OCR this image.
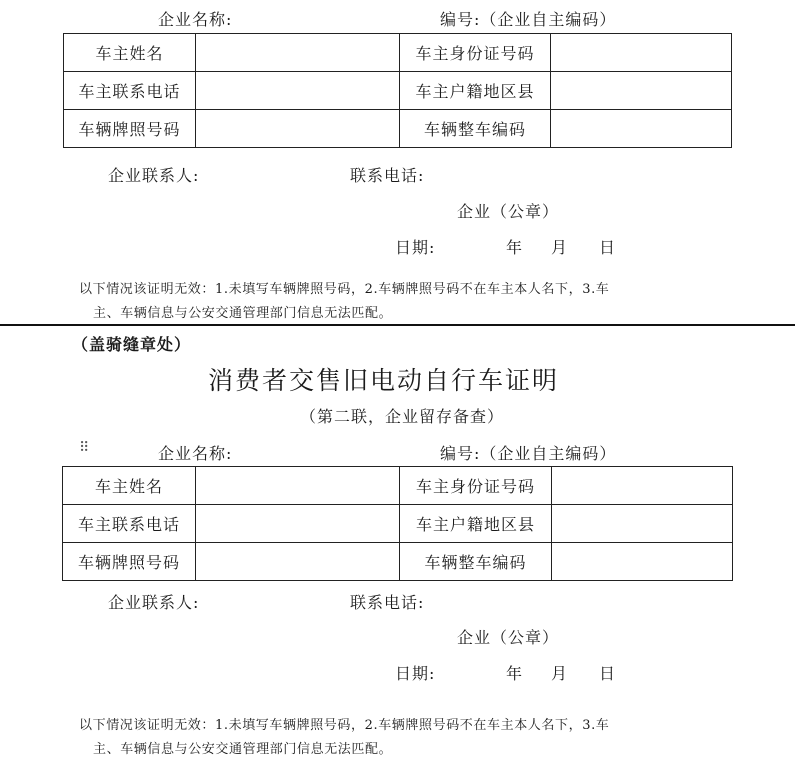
企业名称:	编号:（企业自主编码）
车主姓名		车主身份证号码	
车主联系电话		车主户籍地区县	
车辆牌照号码		车辆整车编码	
企业联系人:	联系电话:
企业（公章）
日期:	年 月 日
以下情况该证明无效：1.未填写车辆牌照号码，2.车辆牌照号码不在车主本人名下，3.车
主、车辆信息与公安交通管理部门信息无法匹配。
（盖骑缝章处）
消费者交售旧电动自行车证明
（第二联，企业留存备查）
⠿	企业名称:	编号:（企业自主编码）
车主姓名		车主身份证号码	
车主联系电话		车主户籍地区县	
车辆牌照号码		车辆整车编码	
企业联系人:	联系电话:
企业（公章）
日期:	年 月 日
以下情况该证明无效：1.未填写车辆牌照号码，2.车辆牌照号码不在车主本人名下，3.车
主、车辆信息与公安交通管理部门信息无法匹配。
